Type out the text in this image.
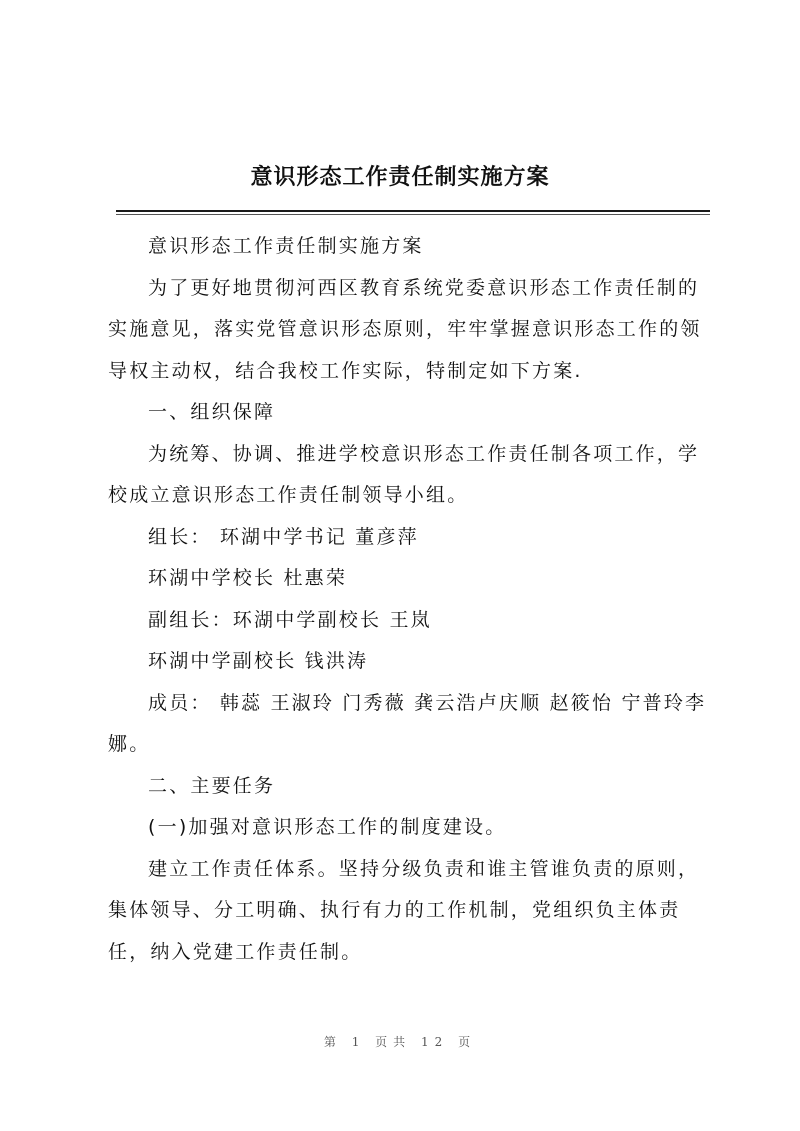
意识形态工作责任制实施方案

意识形态工作责任制实施方案

为了更好地贯彻河西区教育系统党委意识形态工作责任制的实施意见，落实党管意识形态原则，牢牢掌握意识形态工作的领导权主动权，结合我校工作实际，特制定如下方案.

一、组织保障

为统筹、协调、推进学校意识形态工作责任制各项工作，学校成立意识形态工作责任制领导小组。

组长： 环湖中学书记 董彦萍

环湖中学校长 杜惠荣

副组长：环湖中学副校长 王岚

环湖中学副校长 钱洪涛

成员： 韩蕊 王淑玲 门秀薇 龚云浩卢庆顺 赵筱怡 宁普玲李娜。

二、主要任务

(一)加强对意识形态工作的制度建设。

建立工作责任体系。坚持分级负责和谁主管谁负责的原则，集体领导、分工明确、执行有力的工作机制，党组织负主体责任，纳入党建工作责任制。

第 1 页共 12 页
